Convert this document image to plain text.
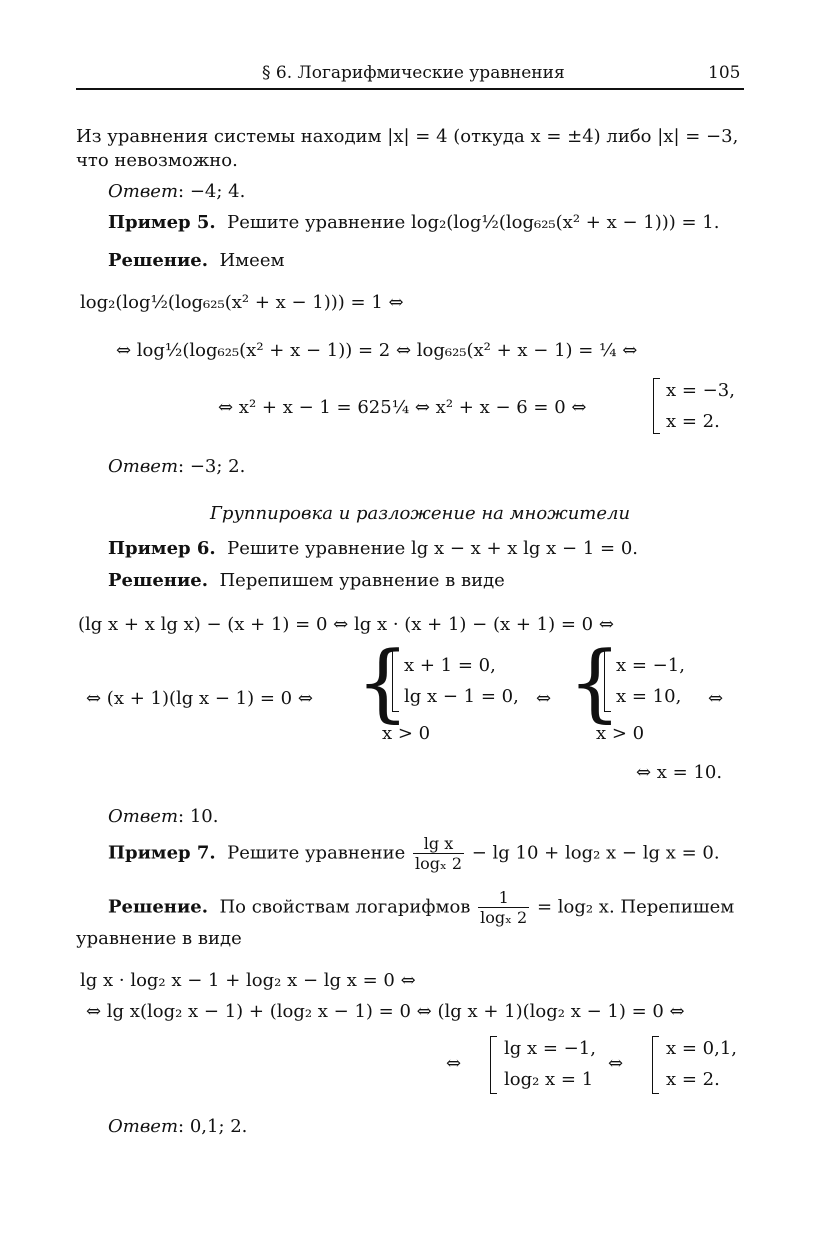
§ 6. Логарифмические уравнения	105
Из уравнения системы находим |x| = 4 (откуда x = ±4) либо |x| = −3,
что невозможно.
Ответ: −4; 4.
Пример 5. Решите уравнение log₂(log½(log₆₂₅(x² + x − 1))) = 1.
Решение. Имеем
log₂(log½(log₆₂₅(x² + x − 1))) = 1 ⇔
⇔ log½(log₆₂₅(x² + x − 1)) = 2 ⇔ log₆₂₅(x² + x − 1) = ¼ ⇔
⇔ x² + x − 1 = 625¼ ⇔ x² + x − 6 = 0 ⇔
x = −3,
x = 2.
Ответ: −3; 2.
Группировка и разложение на множители
Пример 6. Решите уравнение lg x − x + x lg x − 1 = 0.
Решение. Перепишем уравнение в виде
(lg x + x lg x) − (x + 1) = 0 ⇔ lg x · (x + 1) − (x + 1) = 0 ⇔
⇔ (x + 1)(lg x − 1) = 0 ⇔ {
x + 1 = 0,
lg x − 1 = 0,
x > 0
⇔ {
x = −1,
x = 10,
x > 0
⇔
⇔ x = 10.
Ответ: 10.
Пример 7. Решите уравнение $\frac{\text{lg x}}{\text{logₓ 2}} - \lg 10 + \log_2$ x − lg x = 0.
Решение. По свойствам логарифмов $\frac{1}{\text{logₓ 2}} = \log_2$ x. Перепишем
уравнение в виде
lg x · log₂ x − 1 + log₂ x − lg x = 0 ⇔
⇔ lg x(log₂ x − 1) + (log₂ x − 1) = 0 ⇔ (lg x + 1)(log₂ x − 1) = 0 ⇔
⇔
lg x = −1,
log₂ x = 1
⇔
x = 0,1,
x = 2.
Ответ: 0,1; 2.
